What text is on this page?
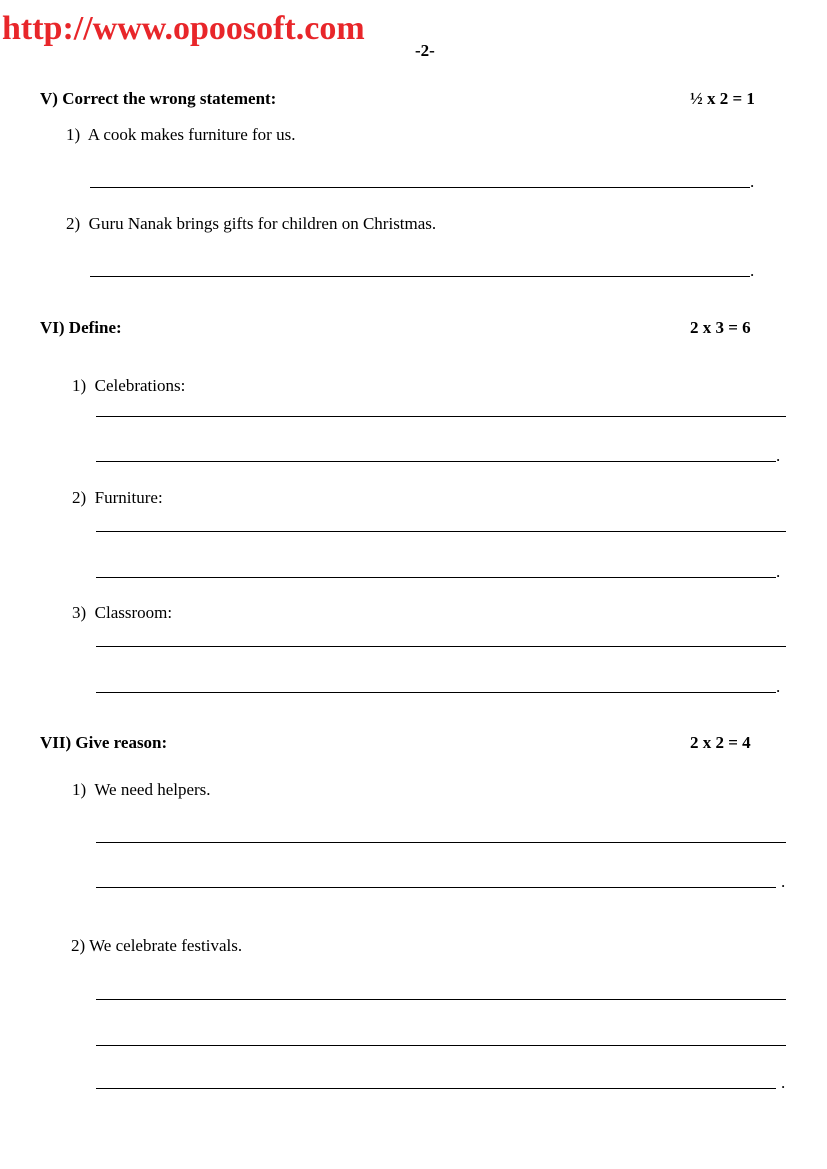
http://www.opoosoft.com
-2-
V) Correct the wrong statement:	½ x 2 = 1
1) A cook makes furniture for us.
.
2) Guru Nanak brings gifts for children on Christmas.
.
VI) Define:	2 x 3 = 6
1) Celebrations:
.
2) Furniture:
.
3) Classroom:
.
VII) Give reason:	2 x 2 = 4
1) We need helpers.
.
2) We celebrate festivals.
.
